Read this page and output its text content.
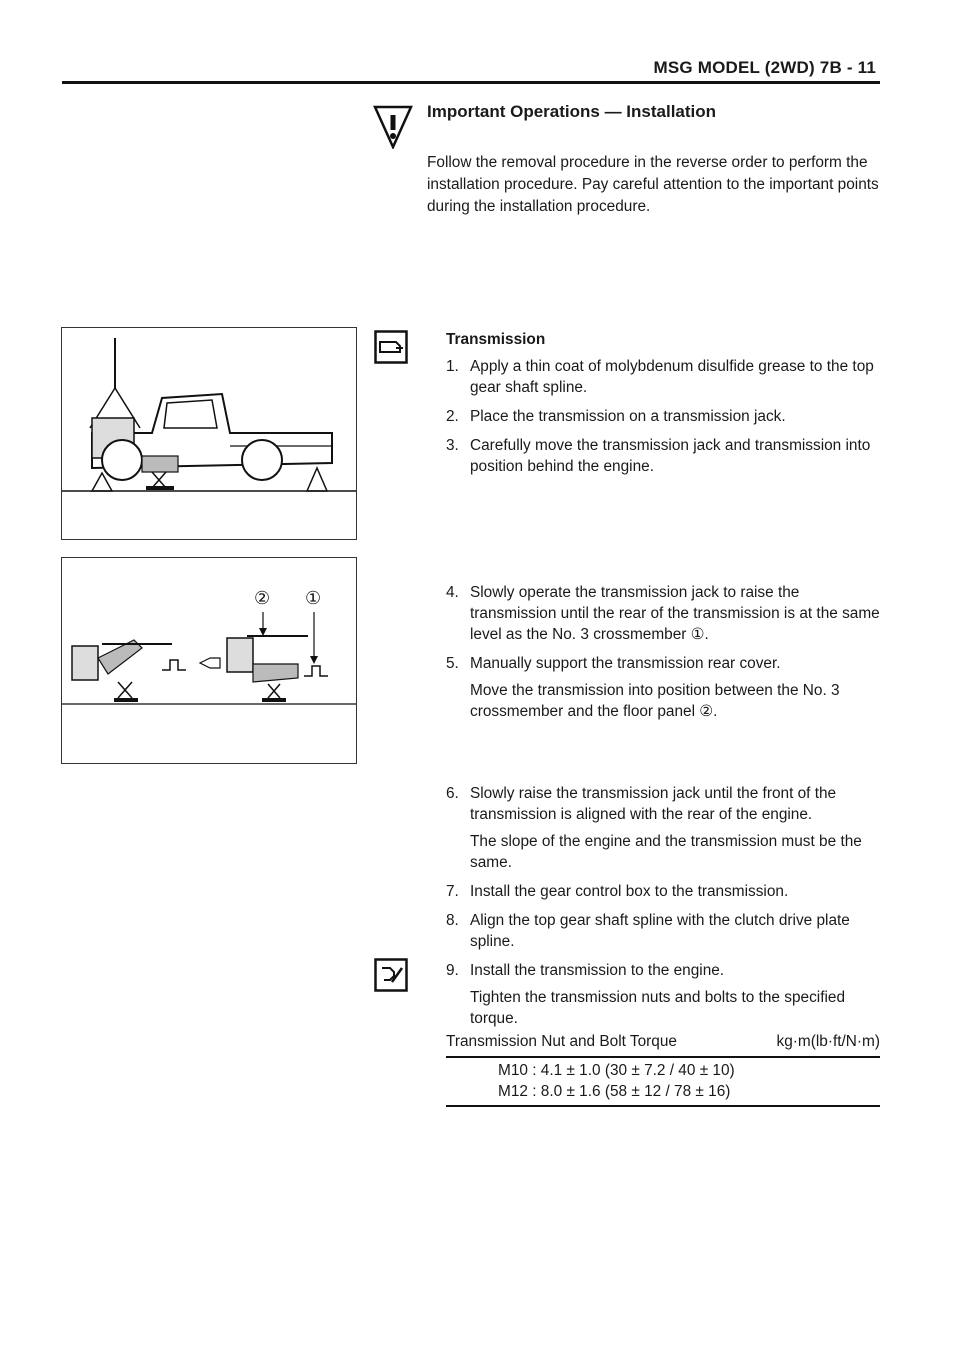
MSG MODEL (2WD) 7B - 11
Important Operations — Installation
Follow the removal procedure in the reverse order to perform the installation procedure. Pay careful attention to the important points during the installation procedure.
Transmission
1. Apply a thin coat of molybdenum disulfide grease to the top gear shaft spline.
2. Place the transmission on a transmission jack.
3. Carefully move the transmission jack and transmission into position behind the engine.
4. Slowly operate the transmission jack to raise the transmission until the rear of the transmission is at the same level as the No. 3 crossmember ①.
5. Manually support the transmission rear cover.
Move the transmission into position between the No. 3 crossmember and the floor panel ②.
6. Slowly raise the transmission jack until the front of the transmission is aligned with the rear of the engine.
The slope of the engine and the transmission must be the same.
7. Install the gear control box to the transmission.
8. Align the top gear shaft spline with the clutch drive plate spline.
9. Install the transmission to the engine.
Tighten the transmission nuts and bolts to the specified torque.
Transmission Nut and Bolt Torque	kg·m(lb·ft/N·m)
M10 : 4.1 ± 1.0 (30 ± 7.2 / 40 ± 10)
M12 : 8.0 ± 1.6 (58 ± 12 / 78 ± 16)
② ①
